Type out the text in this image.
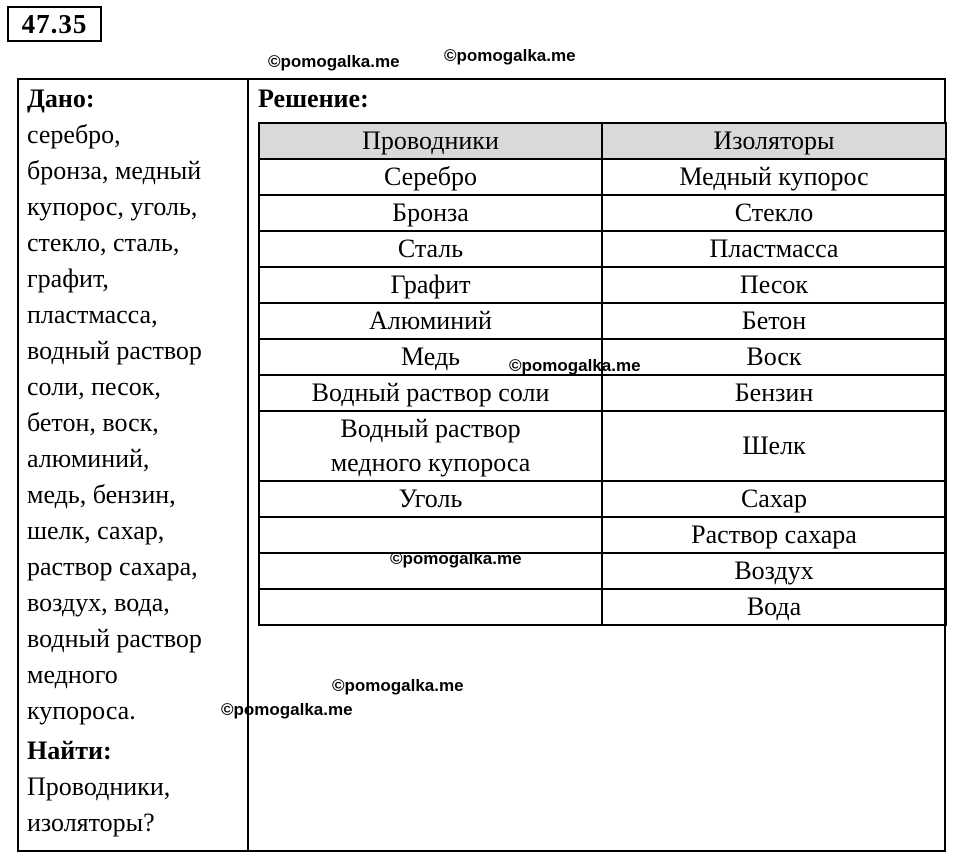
47.35
©pomogalka.me	©pomogalka.me
Дано:
серебро,
бронза, медный
купорос, уголь,
стекло, сталь,
графит,
пластмасса,
водный раствор
соли, песок,
бетон, воск,
алюминий,
медь, бензин,
шелк, сахар,
раствор сахара,
воздух, вода,
водный раствор
медного
купороса.
Найти:
Проводники,
изоляторы?
Решение:
Проводники	Изоляторы
Серебро	Медный купорос
Бронза	Стекло
Сталь	Пластмасса
Графит	Песок
Алюминий	Бетон
Медь	Воск
Водный раствор соли	Бензин

Водный раствор
медного купороса	Шелк
Уголь	Сахар
	Раствор сахара
	Воздух
	Вода
©pomogalka.me
©pomogalka.me
©pomogalka.me
©pomogalka.me
